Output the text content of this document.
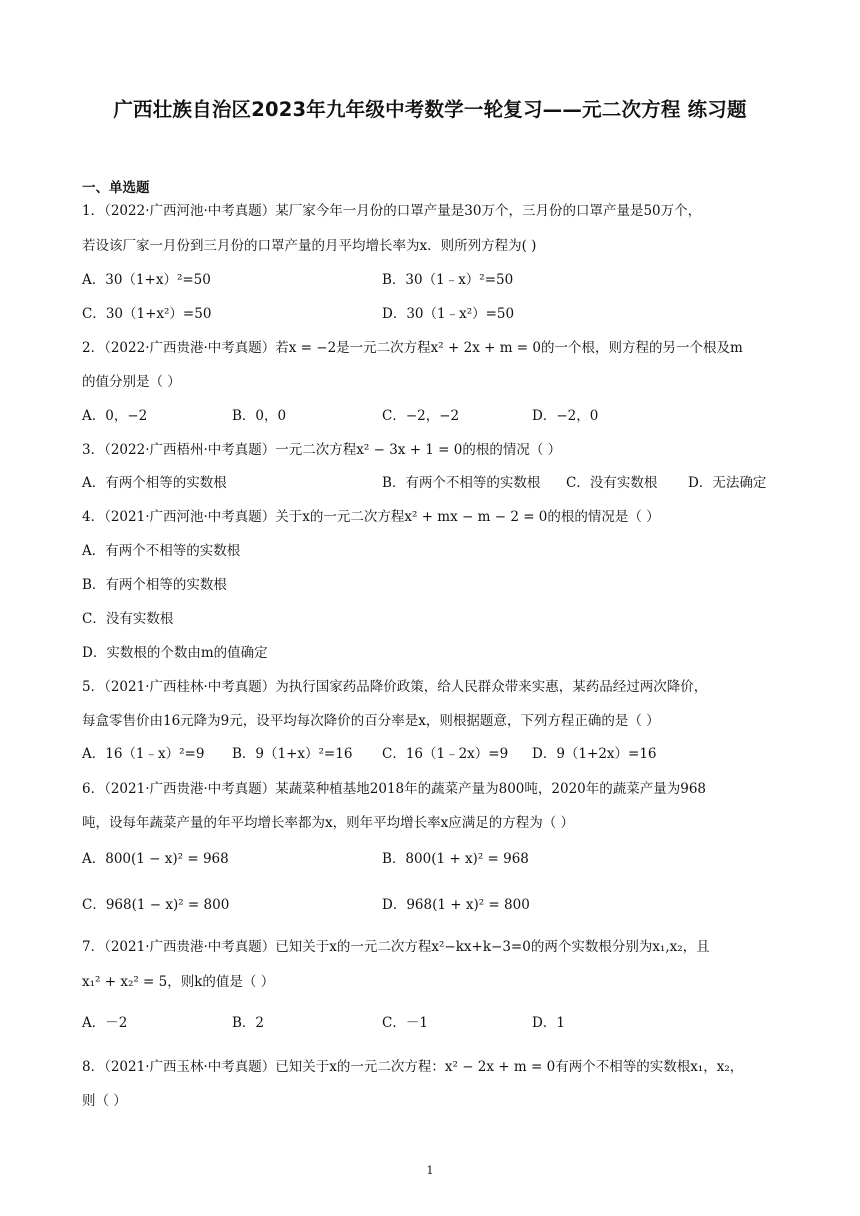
广西壮族自治区2023年九年级中考数学一轮复习——元二次方程 练习题
一、单选题
1．（2022·广西河池·中考真题）某厂家今年一月份的口罩产量是30万个，三月份的口罩产量是50万个，
若设该厂家一月份到三月份的口罩产量的月平均增长率为x．则所列方程为( )
A．30（1+x）²=50	B．30（1﹣x）²=50
C．30（1+x²）=50	D．30（1﹣x²）=50
2．（2022·广西贵港·中考真题）若x = −2是一元二次方程x² + 2x + m = 0的一个根，则方程的另一个根及m
的值分别是（ ）
A．0，−2	B．0，0	C．−2，−2	D．−2，0
3．（2022·广西梧州·中考真题）一元二次方程x² − 3x + 1 = 0的根的情况（ ）
A．有两个相等的实数根	B．有两个不相等的实数根 C．没有实数根 D．无法确定
4．（2021·广西河池·中考真题）关于x的一元二次方程x² + mx − m − 2 = 0的根的情况是（ ）
A．有两个不相等的实数根
B．有两个相等的实数根
C．没有实数根
D．实数根的个数由m的值确定
5．（2021·广西桂林·中考真题）为执行国家药品降价政策，给人民群众带来实惠，某药品经过两次降价，
每盒零售价由16元降为9元，设平均每次降价的百分率是x，则根据题意，下列方程正确的是（ ）
A．16（1﹣x）²=9 B．9（1+x）²=16 C．16（1﹣2x）=9 D．9（1+2x）=16
6．（2021·广西贵港·中考真题）某蔬菜种植基地2018年的蔬菜产量为800吨，2020年的蔬菜产量为968
吨，设每年蔬菜产量的年平均增长率都为x，则年平均增长率x应满足的方程为（ ）
A．800(1 − x)² = 968	B．800(1 + x)² = 968
C．968(1 − x)² = 800	D．968(1 + x)² = 800
7．（2021·广西贵港·中考真题）已知关于x的一元二次方程x²−kx+k−3=0的两个实数根分别为x₁,x₂，且
x₁² + x₂² = 5，则k的值是（ ）
A．－2	B．2	C．－1	D．1
8．（2021·广西玉林·中考真题）已知关于x的一元二次方程：x² − 2x + m = 0有两个不相等的实数根x₁，x₂，
则（ ）
1
